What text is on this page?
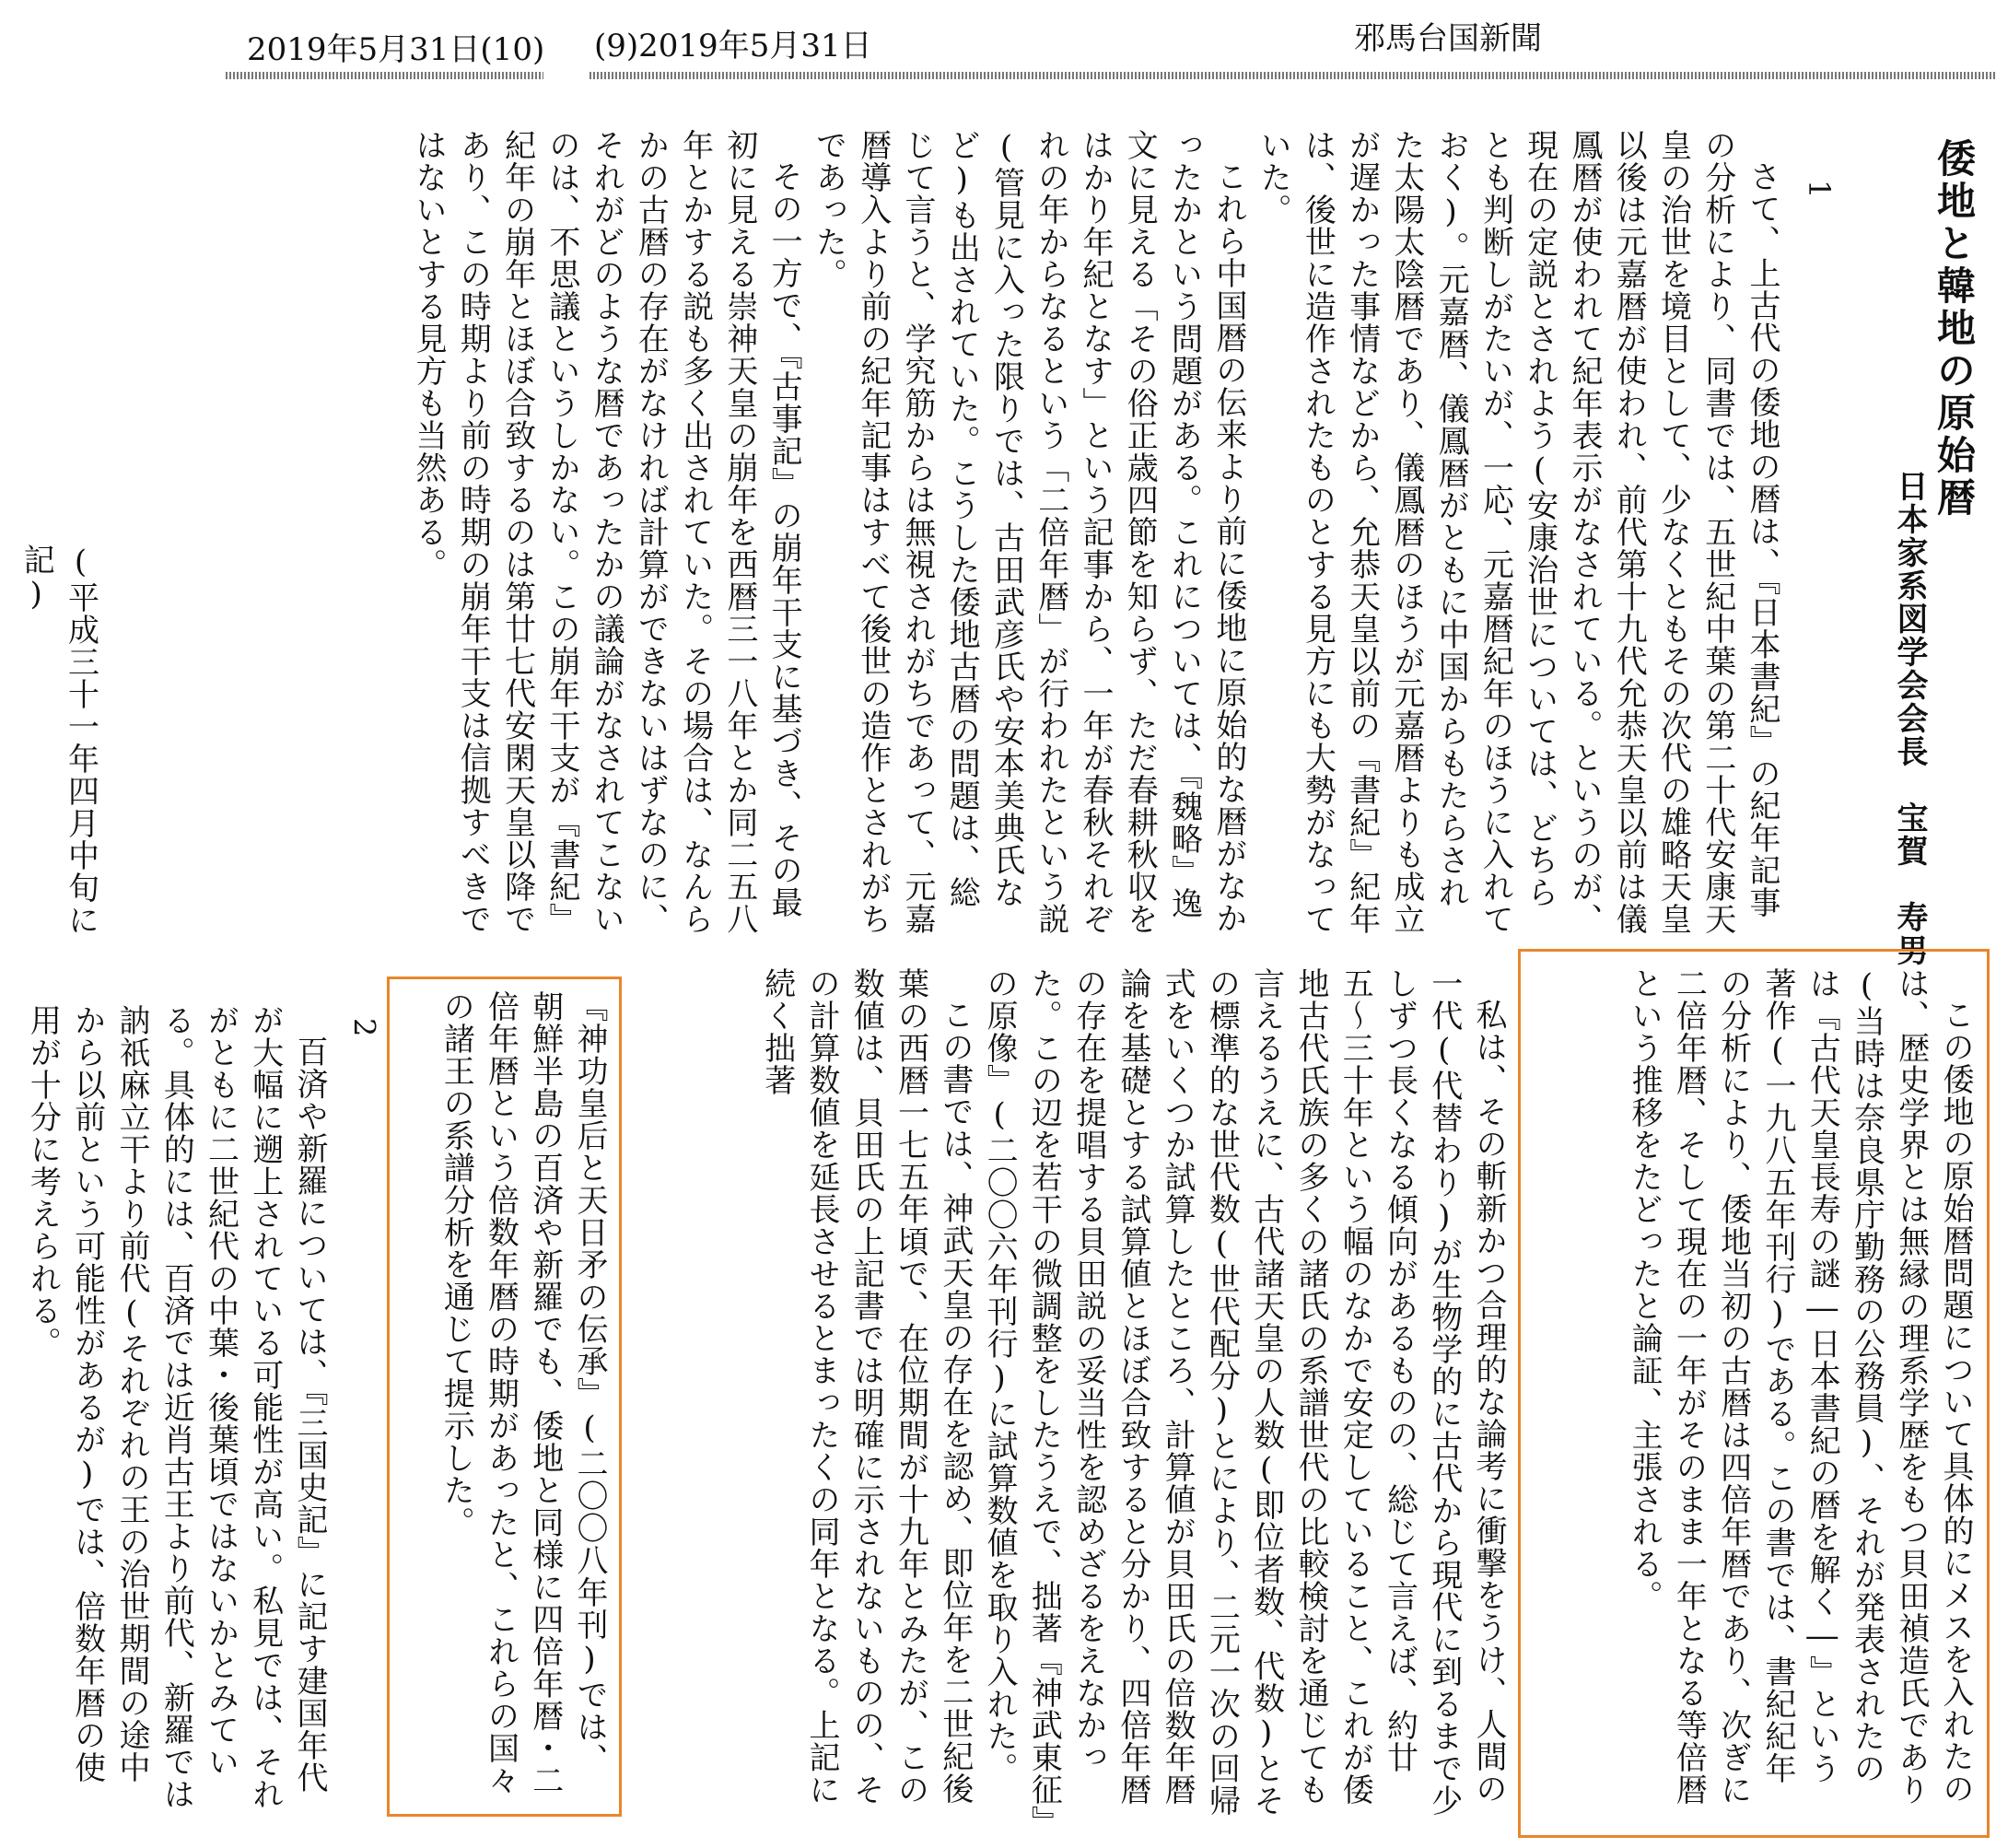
2019年5月31日(10) (9)2019年5月31日	邪馬台国新聞
倭地と韓地の原始暦
日本家系図学会会長　宝賀　寿男
1

さて、上古代の倭地の暦は、『日本書紀』の紀年記事の分析により、同書では、五世紀中葉の第二十代安康天皇の治世を境目として、少なくともその次代の雄略天皇以後は元嘉暦が使われ、前代第十九代允恭天皇以前は儀鳳暦が使われて紀年表示がなされている。というのが、現在の定説とされよう(安康治世については、どちらとも判断しがたいが、一応、元嘉暦紀年のほうに入れておく)。元嘉暦、儀鳳暦がともに中国からもたらされた太陽太陰暦であり、儀鳳暦のほうが元嘉暦よりも成立が遅かった事情などから、允恭天皇以前の『書紀』紀年は、後世に造作されたものとする見方にも大勢がなっていた。

これら中国暦の伝来より前に倭地に原始的な暦がなかったかという問題がある。これについては、『魏略』逸文に見える「その俗正歳四節を知らず、ただ春耕秋収をはかり年紀となす」という記事から、一年が春秋それぞれの年からなるという「二倍年暦」が行われたという説(管見に入った限りでは、古田武彦氏や安本美典氏など)も出されていた。こうした倭地古暦の問題は、総じて言うと、学究筋からは無視されがちであって、元嘉暦導入より前の紀年記事はすべて後世の造作とされがちであった。

その一方で、『古事記』の崩年干支に基づき、その最初に見える崇神天皇の崩年を西暦三一八年とか同二五八年とかする説も多く出されていた。その場合は、なんらかの古暦の存在がなければ計算ができないはずなのに、それがどのような暦であったかの議論がなされてこないのは、不思議というしかない。この崩年干支が『書紀』紀年の崩年とほぼ合致するのは第廿七代安閑天皇以降であり、この時期より前の時期の崩年干支は信拠すべきではないとする見方も当然ある。

(平成三十一年四月中旬に記)
この倭地の原始暦問題について具体的にメスを入れたのは、歴史学界とは無縁の理系学歴をもつ貝田禎造氏であり(当時は奈良県庁勤務の公務員)、それが発表されたのは『古代天皇長寿の謎―日本書紀の暦を解く―』という著作(一九八五年刊行)である。この書では、書紀紀年の分析により、倭地当初の古暦は四倍年暦であり、次ぎに二倍年暦、そして現在の一年がそのまま一年となる等倍暦という推移をたどったと論証、主張される。

私は、その斬新かつ合理的な論考に衝撃をうけ、人間の一代(代替わり)が生物学的に古代から現代に到るまで少しずつ長くなる傾向があるものの、総じて言えば、約廿五〜三十年という幅のなかで安定していること、これが倭地古代氏族の多くの諸氏の系譜世代の比較検討を通じても言えるうえに、古代諸天皇の人数(即位者数、代数)とその標準的な世代数(世代配分)とにより、二元一次の回帰式をいくつか試算したところ、計算値が貝田氏の倍数年暦論を基礎とする試算値とほぼ合致すると分かり、四倍年暦の存在を提唱する貝田説の妥当性を認めざるをえなかった。この辺を若干の微調整をしたうえで、拙著『神武東征』の原像』(二〇〇六年刊行)に試算数値を取り入れた。

この書では、神武天皇の存在を認め、即位年を二世紀後葉の西暦一七五年頃で、在位期間が十九年とみたが、この数値は、貝田氏の上記書では明確に示されないものの、その計算数値を延長させるとまったくの同年となる。上記に続く拙著

『神功皇后と天日矛の伝承』(二〇〇八年刊)では、朝鮮半島の百済や新羅でも、倭地と同様に四倍年暦・二倍年暦という倍数年暦の時期があったと、これらの国々の諸王の系譜分析を通じて提示した。
2

百済や新羅については、『三国史記』に記す建国年代が大幅に遡上されている可能性が高い。私見では、それがともに二世紀代の中葉・後葉頃ではないかとみている。具体的には、百済では近肖古王より前代、新羅では訥祇麻立干より前代(それぞれの王の治世期間の途中から以前という可能性があるが)では、倍数年暦の使用が十分に考えられる。
